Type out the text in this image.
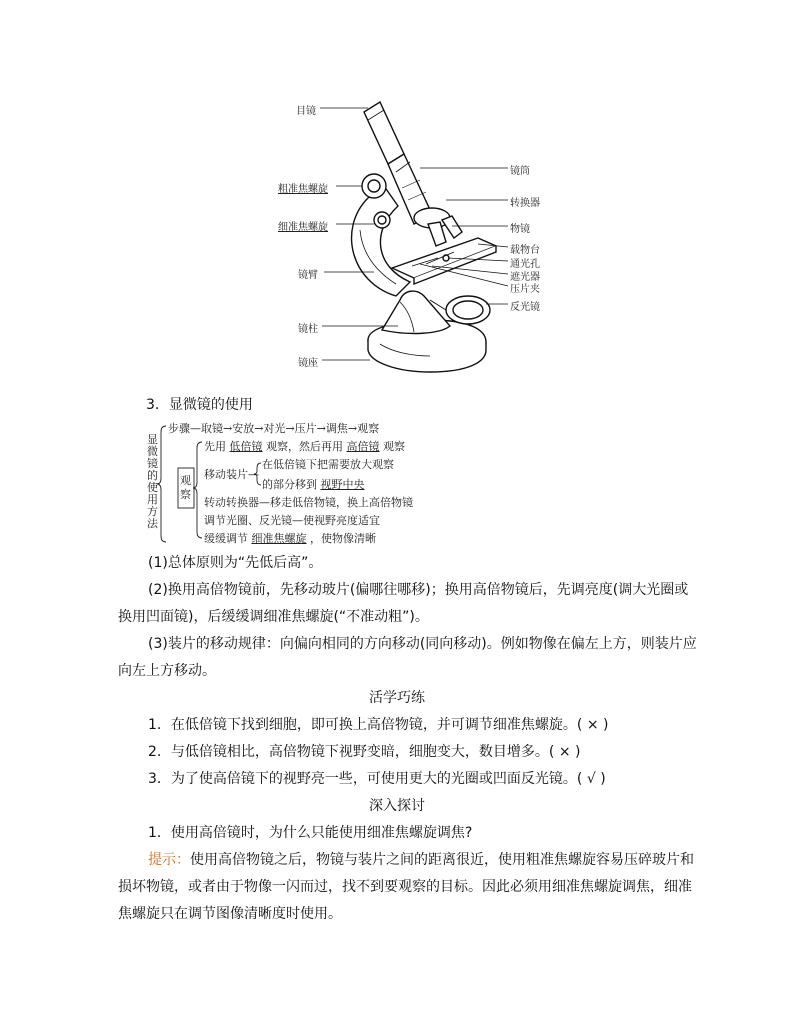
目镜
粗准焦螺旋
细准焦螺旋
镜臂
镜柱
镜座
镜筒
转换器
物镜
载物台
通光孔
遮光器
压片夹
反光镜
3．显微镜的使用
显微镜的使用方法
步骤—取镜→安放→对光→压片→调焦→观察
观察
先用 低倍镜 观察，然后再用 高倍镜 观察
移动装片—
在低倍镜下把需要放大观察
的部分移到 视野中央
转动转换器—移走低倍物镜，换上高倍物镜
调节光圈、反光镜—使视野亮度适宜
缓缓调节 细准焦螺旋 ，使物像清晰
(1)总体原则为“先低后高”。
(2)换用高倍物镜前，先移动玻片(偏哪往哪移)；换用高倍物镜后，先调亮度(调大光圈或
换用凹面镜)，后缓缓调细准焦螺旋(“不准动粗”)。
(3)装片的移动规律：向偏向相同的方向移动(同向移动)。例如物像在偏左上方，则装片应
向左上方移动。
活学巧练
1．在低倍镜下找到细胞，即可换上高倍物镜，并可调节细准焦螺旋。( × )
2．与低倍镜相比，高倍物镜下视野变暗，细胞变大，数目增多。( × )
3．为了使高倍镜下的视野亮一些，可使用更大的光圈或凹面反光镜。( √ )
深入探讨
1．使用高倍镜时，为什么只能使用细准焦螺旋调焦?
提示：使用高倍物镜之后，物镜与装片之间的距离很近，使用粗准焦螺旋容易压碎玻片和
损坏物镜，或者由于物像一闪而过，找不到要观察的目标。因此必须用细准焦螺旋调焦，细准
焦螺旋只在调节图像清晰度时使用。
